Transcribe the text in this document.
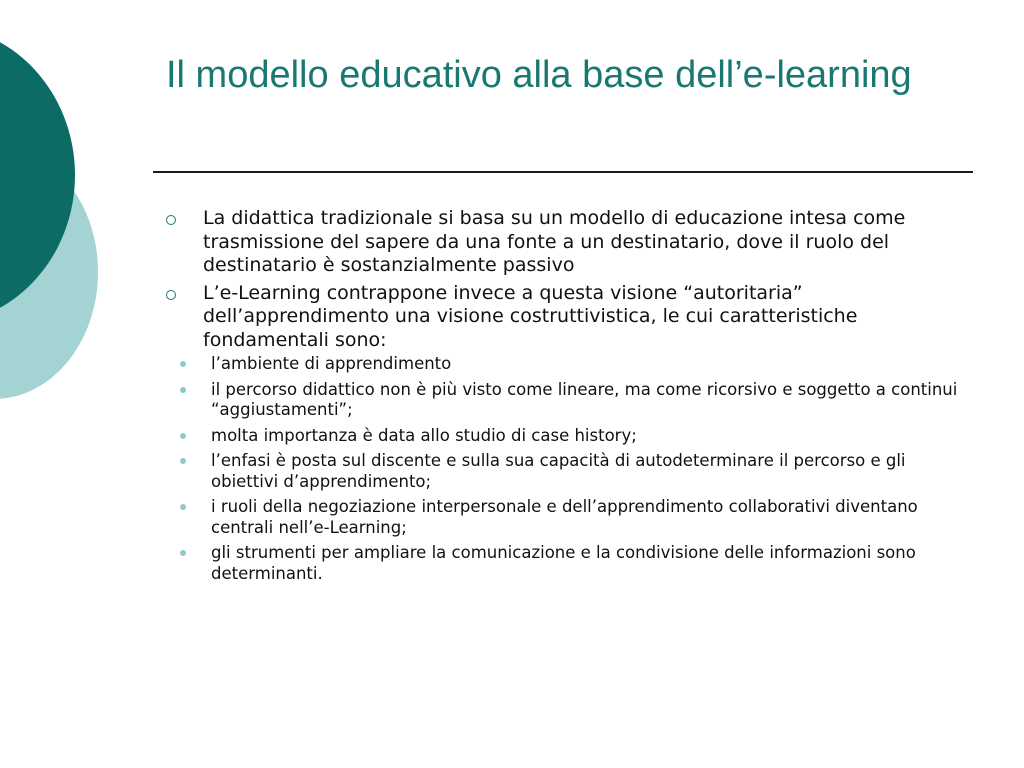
Il modello educativo alla base dell’e-learning
La didattica tradizionale si basa su un modello di educazione intesa come trasmissione del sapere da una fonte a un destinatario, dove il ruolo del destinatario è sostanzialmente passivo
L’e-Learning contrappone invece a questa visione “autoritaria” dell’apprendimento una visione costruttivistica, le cui caratteristiche fondamentali sono:
l’ambiente di apprendimento
il percorso didattico non è più visto come lineare, ma come ricorsivo e soggetto a continui “aggiustamenti”;
molta importanza è data allo studio di case history;
l’enfasi è posta sul discente e sulla sua capacità di autodeterminare il percorso e gli obiettivi d’apprendimento;
i ruoli della negoziazione interpersonale e dell’apprendimento collaborativi diventano centrali nell’e-Learning;
gli strumenti per ampliare la comunicazione e la condivisione delle informazioni sono determinanti.
